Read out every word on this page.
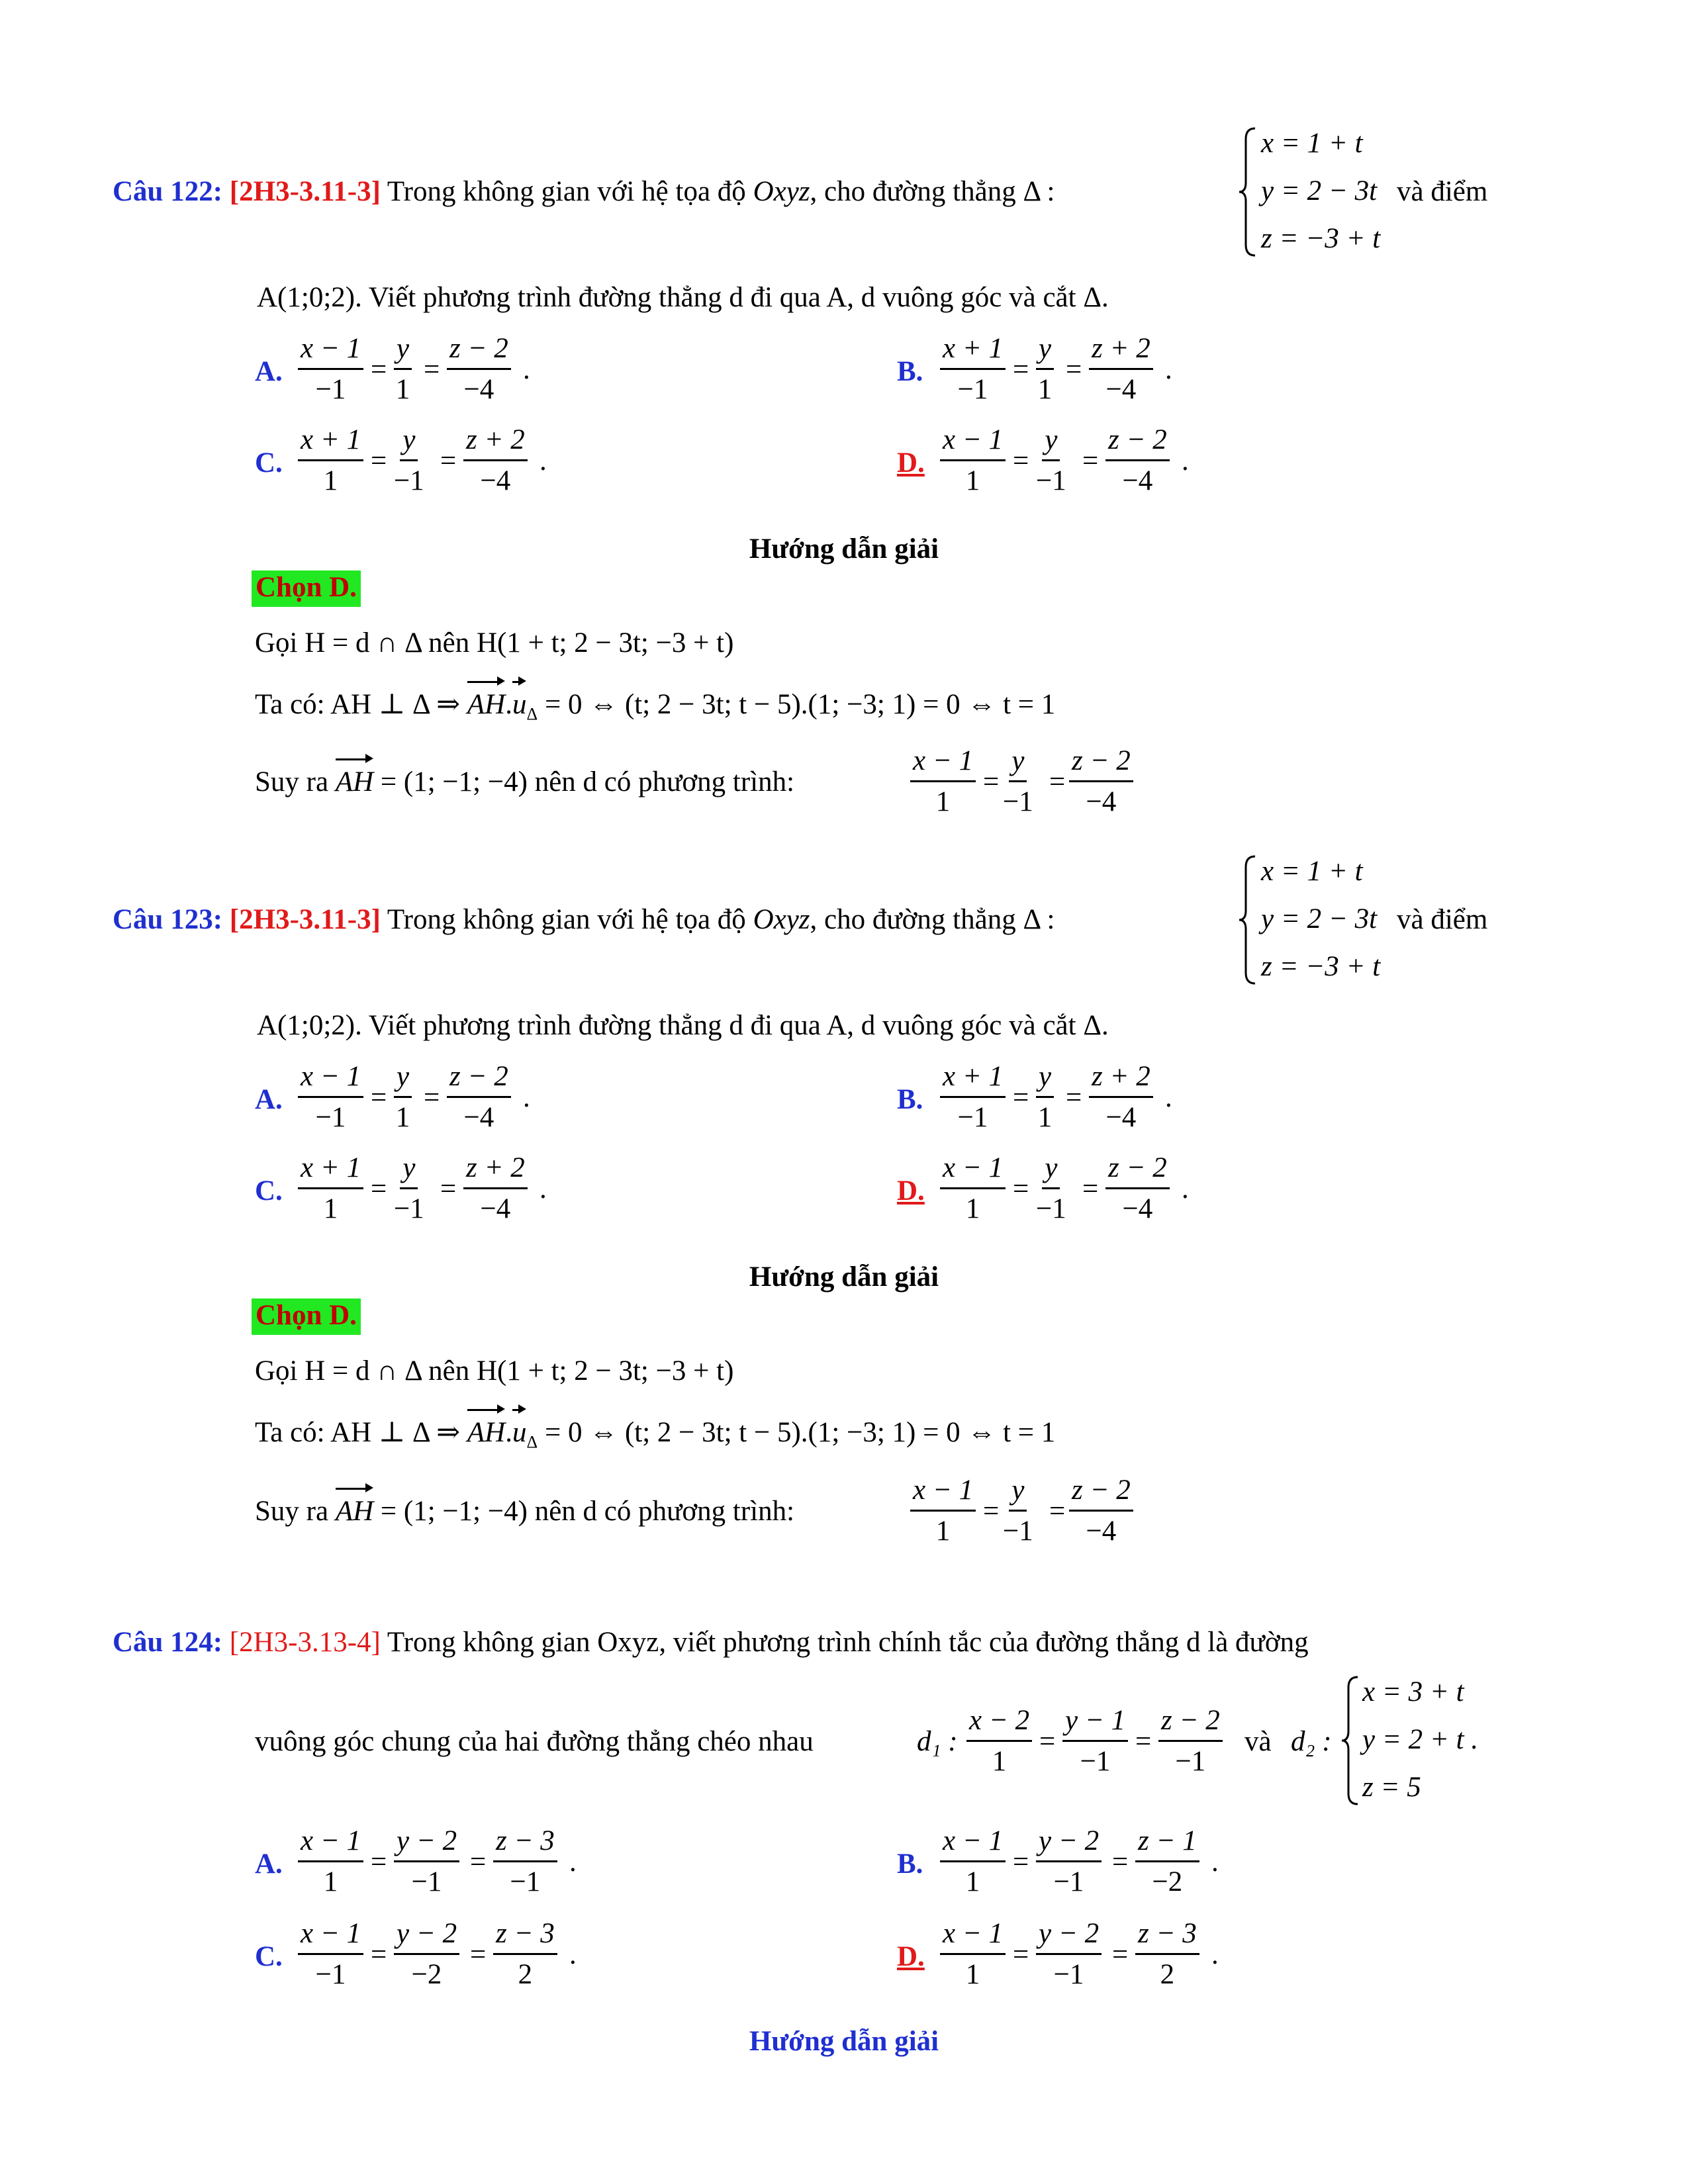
Câu 122: [2H3-3.11-3] Trong không gian với hệ tọa độ Oxyz, cho đường thẳng Δ :
x = 1 + t
y = 2 − 3t
z = −3 + t
và điểm
A(1;0;2). Viết phương trình đường thẳng d đi qua A, d vuông góc và cắt Δ.
A. $\frac{x - 1}{-1} = \frac{y}{1} = \frac{z - 2}{-4}$ .	B. $\frac{x + 1}{-1} = \frac{y}{1} = \frac{z + 2}{-4}$ .
C. $\frac{x + 1}{1} = \frac{y}{-1} = \frac{z + 2}{-4}$ .	D. $\frac{x - 1}{1} = \frac{y}{-1} = \frac{z - 2}{-4}$ .
Hướng dẫn giải
Chọn D.
Gọi H = d ∩ Δ nên H(1 + t; 2 − 3t; −3 + t)
Ta có: AH ⊥ Δ ⇒ $AH.u_\Delta = 0$ ⇔ (t; 2 − 3t; t − 5).(1; −3; 1) = 0 ⇔ t = 1
Suy ra AH = (1; −1; −4) nên d có phương trình:	$\frac{x - 1}{1} = \frac{y}{-1} = \frac{z - 2}{-4}$
Câu 123: [2H3-3.11-3] Trong không gian với hệ tọa độ Oxyz, cho đường thẳng Δ :
x = 1 + t
y = 2 − 3t
z = −3 + t
và điểm
A(1;0;2). Viết phương trình đường thẳng d đi qua A, d vuông góc và cắt Δ.
A. $\frac{x - 1}{-1} = \frac{y}{1} = \frac{z - 2}{-4}$ .	B. $\frac{x + 1}{-1} = \frac{y}{1} = \frac{z + 2}{-4}$ .
C. $\frac{x + 1}{1} = \frac{y}{-1} = \frac{z + 2}{-4}$ .	D. $\frac{x - 1}{1} = \frac{y}{-1} = \frac{z - 2}{-4}$ .
Hướng dẫn giải
Chọn D.
Gọi H = d ∩ Δ nên H(1 + t; 2 − 3t; −3 + t)
Ta có: AH ⊥ Δ ⇒ $AH.u_\Delta = 0$ ⇔ (t; 2 − 3t; t − 5).(1; −3; 1) = 0 ⇔ t = 1
Suy ra AH = (1; −1; −4) nên d có phương trình:	$\frac{x - 1}{1} = \frac{y}{-1} = \frac{z - 2}{-4}$
Câu 124: [2H3-3.13-4] Trong không gian Oxyz, viết phương trình chính tắc của đường thẳng d là đường
vuông góc chung của hai đường thẳng chéo nhau	d₁ : $\frac{x - 2}{1} = \frac{y - 1}{-1} = \frac{z - 2}{-1}$ và d₂ :
x = 3 + t
y = 2 + t .
z = 5
A. $\frac{x - 1}{1} = \frac{y - 2}{-1} = \frac{z - 3}{-1}$ .	B. $\frac{x - 1}{1} = \frac{y - 2}{-1} = \frac{z - 1}{-2}$ .
C. $\frac{x - 1}{-1} = \frac{y - 2}{-2} = \frac{z - 3}{2}$ .	D. $\frac{x - 1}{1} = \frac{y - 2}{-1} = \frac{z - 3}{2}$ .
Hướng dẫn giải
